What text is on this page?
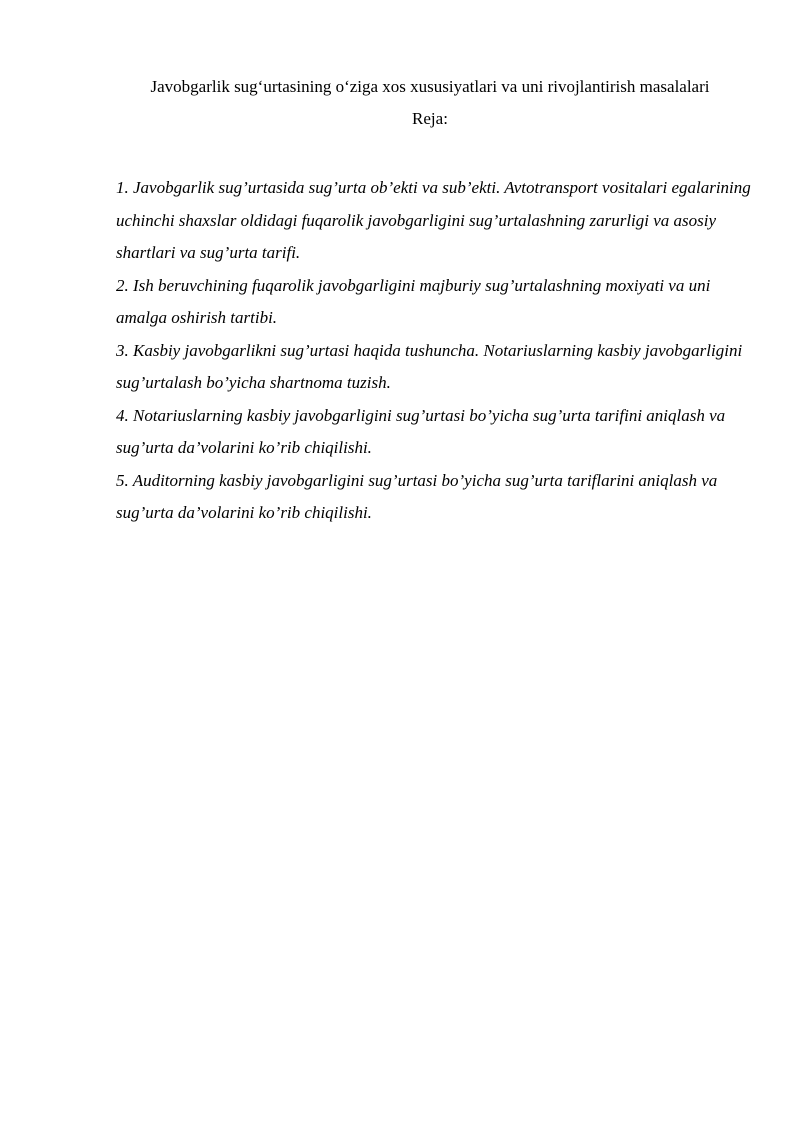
Javobgarlik sug‘urtasining o‘ziga xos xususiyatlari va uni rivojlantirish masalalari
Reja:
1. Javobgarlik sug’urtasida sug’urta ob’ekti va sub’ekti. Avtotransport vositalari egalarining uchinchi shaxslar oldidagi fuqarolik javobgarligini sug’urtalashning zarurligi va asosiy shartlari va sug’urta tarifi.
2. Ish beruvchining fuqarolik javobgarligini majburiy sug’urtalashning moxiyati va uni amalga oshirish tartibi.
3. Kasbiy javobgarlikni sug’urtasi haqida tushuncha. Notariuslarning kasbiy javobgarligini sug’urtalash bo’yicha shartnoma tuzish.
4. Notariuslarning kasbiy javobgarligini sug’urtasi bo’yicha sug’urta tarifini aniqlash va sug’urta da’volarini ko’rib chiqilishi.
5. Auditorning kasbiy javobgarligini sug’urtasi bo’yicha sug’urta tariflarini aniqlash va sug’urta da’volarini ko’rib chiqilishi.
